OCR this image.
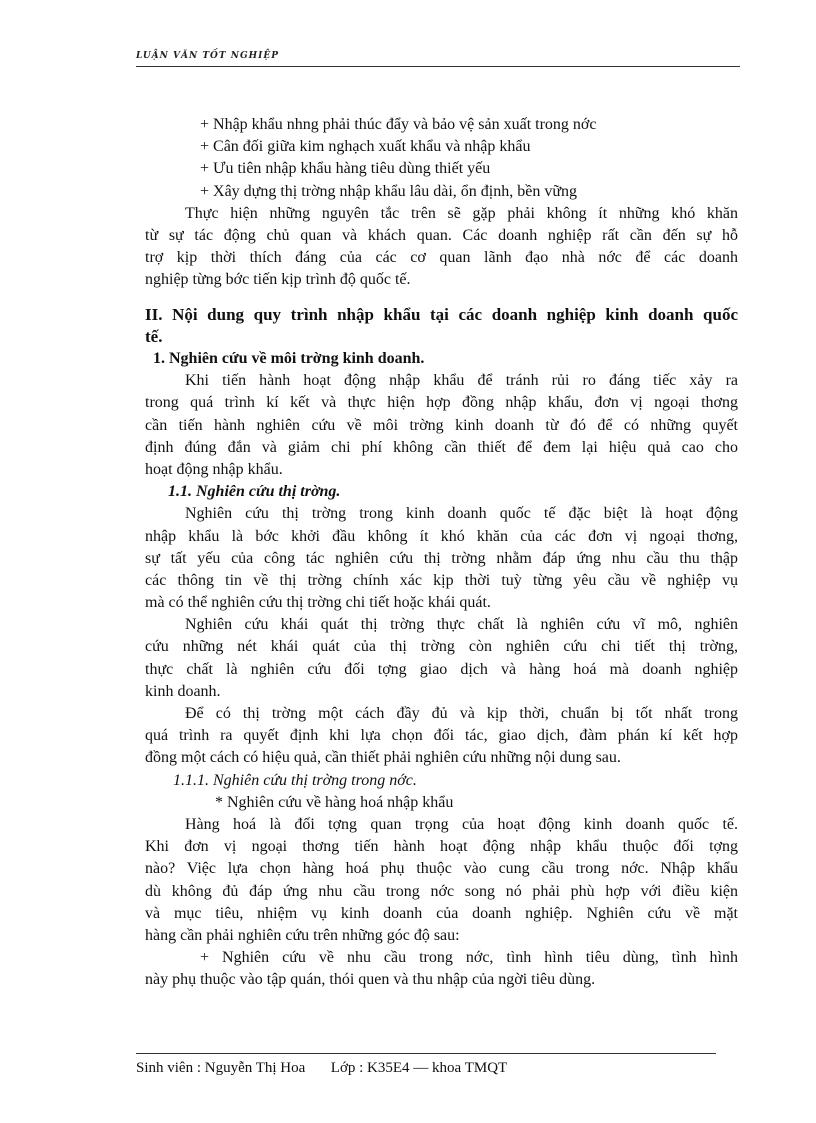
LUẬN VĂN TỐT NGHIỆP
+ Nhập khẩu nhng phải thúc đẩy và bảo vệ sản xuất trong nớc
+ Cân đối giữa kim nghạch xuất khẩu và nhập khẩu
+ Ưu tiên nhập khẩu hàng tiêu dùng thiết yếu
+ Xây dựng thị trờng nhập khẩu lâu dài, ổn định, bền vững
Thực hiện những nguyên tắc trên sẽ gặp phải không ít những khó khăn
từ sự tác động chủ quan và khách quan. Các doanh nghiệp rất cần đến sự hỗ
trợ kịp thời thích đáng của các cơ quan lãnh đạo nhà nớc để các doanh
nghiệp từng bớc tiến kịp trình độ quốc tế.
II. Nội dung quy trình nhập khẩu tại các doanh nghiệp kinh doanh quốc
tế.
1. Nghiên cứu về môi trờng kinh doanh.
Khi tiến hành hoạt động nhập khẩu để tránh rủi ro đáng tiếc xảy ra
trong quá trình kí kết và thực hiện hợp đồng nhập khẩu, đơn vị ngoại thơng
cần tiến hành nghiên cứu về môi trờng kinh doanh từ đó để có những quyết
định đúng đắn và giảm chi phí không cần thiết để đem lại hiệu quả cao cho
hoạt động nhập khẩu.
1.1. Nghiên cứu thị trờng.
Nghiên cứu thị trờng trong kinh doanh quốc tế đặc biệt là hoạt động
nhập khẩu là bớc khởi đầu không ít khó khăn của các đơn vị ngoại thơng,
sự tất yếu của công tác nghiên cứu thị trờng nhằm đáp ứng nhu cầu thu thập
các thông tin về thị trờng chính xác kịp thời tuỳ từng yêu cầu về nghiệp vụ
mà có thể nghiên cứu thị trờng chi tiết hoặc khái quát.
Nghiên cứu khái quát thị trờng thực chất là nghiên cứu vĩ mô, nghiên
cứu những nét khái quát của thị trờng còn nghiên cứu chi tiết thị trờng,
thực chất là nghiên cứu đối tợng giao dịch và hàng hoá mà doanh nghiệp
kinh doanh.
Để có thị trờng một cách đầy đủ và kịp thời, chuẩn bị tốt nhất trong
quá trình ra quyết định khi lựa chọn đối tác, giao dịch, đàm phán kí kết hợp
đồng một cách có hiệu quả, cần thiết phải nghiên cứu những nội dung sau.
1.1.1. Nghiên cứu thị trờng trong nớc.
* Nghiên cứu về hàng hoá nhập khẩu
Hàng hoá là đối tợng quan trọng của hoạt động kinh doanh quốc tế.
Khi đơn vị ngoại thơng tiến hành hoạt động nhập khẩu thuộc đối tợng
nào? Việc lựa chọn hàng hoá phụ thuộc vào cung cầu trong nớc. Nhập khẩu
dù không đủ đáp ứng nhu cầu trong nớc song nó phải phù hợp với điều kiện
và mục tiêu, nhiệm vụ kinh doanh của doanh nghiệp. Nghiên cứu về mặt
hàng cần phải nghiên cứu trên những góc độ sau:
+ Nghiên cứu về nhu cầu trong nớc, tình hình tiêu dùng, tình hình
này phụ thuộc vào tập quán, thói quen và thu nhập của ngời tiêu dùng.
Sinh viên : Nguyễn Thị Hoa Lớp : K35E4 — khoa TMQT
